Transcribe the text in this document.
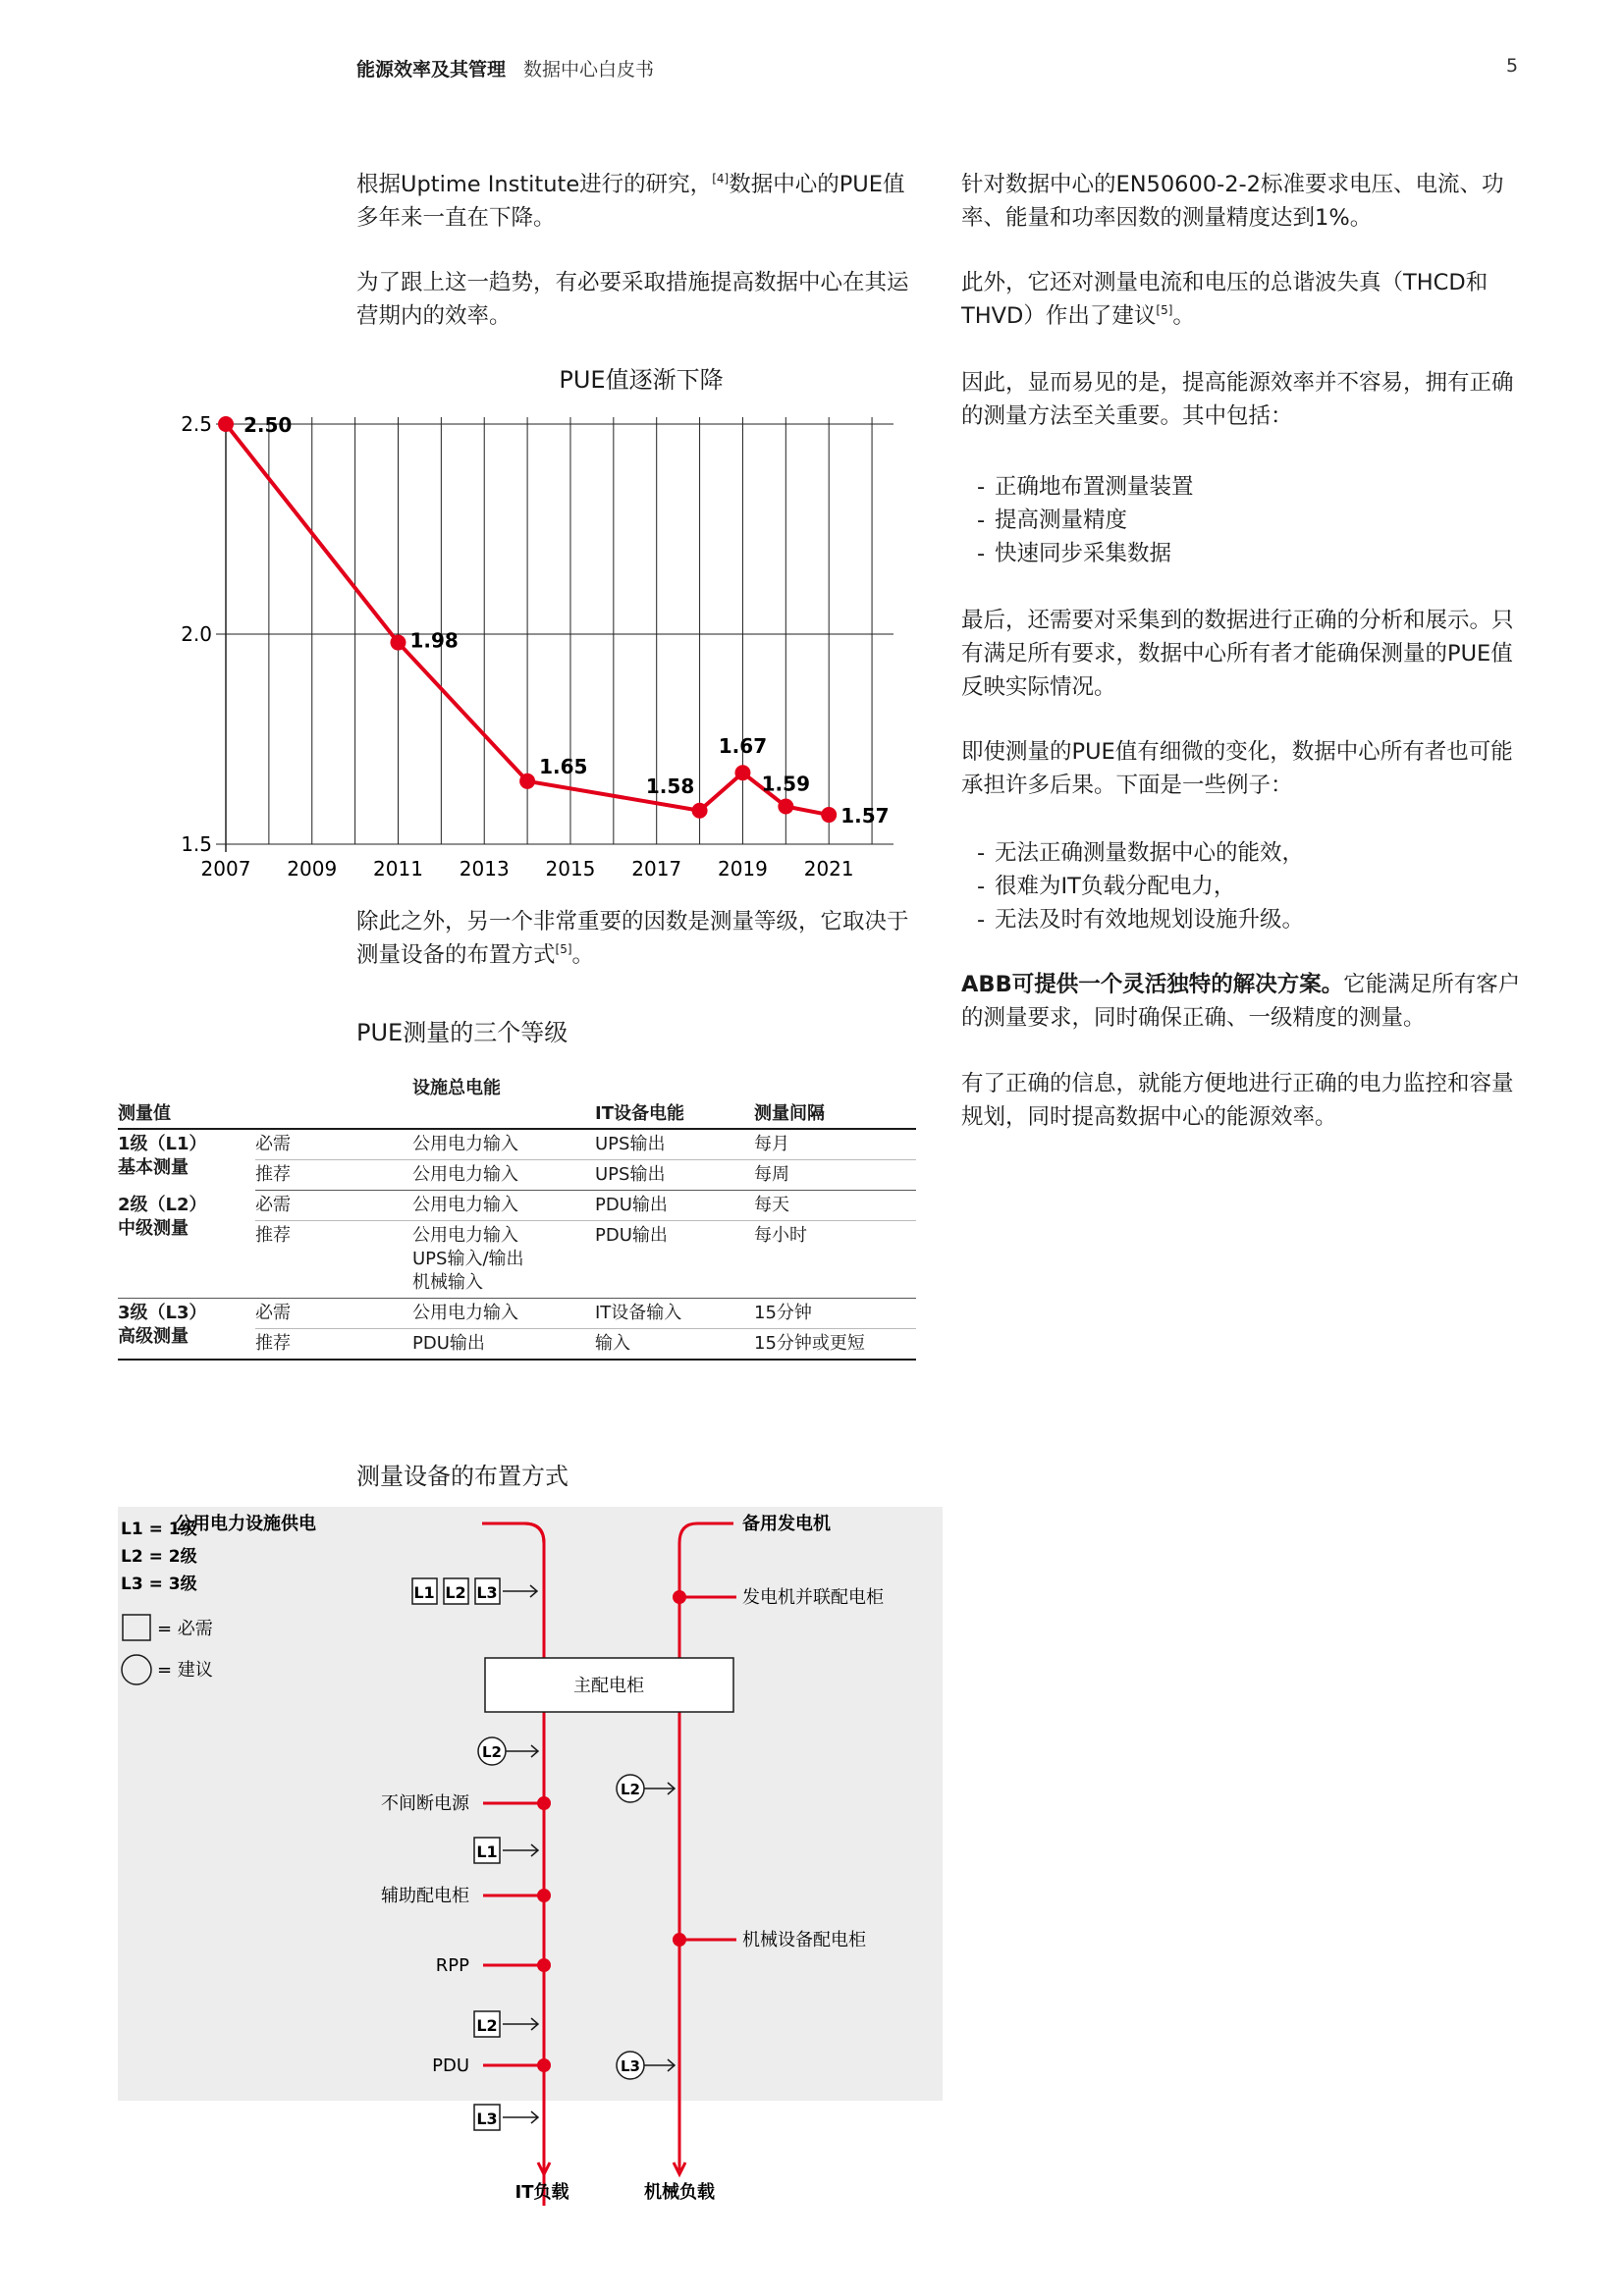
能源效率及其管理 数据中心白皮书	5

根据Uptime Institute进行的研究，[4]数据中心的PUE值多年来一直在下降。

为了跟上这一趋势，有必要采取措施提高数据中心在其运营期内的效率。

PUE值逐渐下降
1.5
2.0
2.5
2007 2009 2011 2013 2015 2017 2019 2021
2.50
1.98
1.65
1.58
1.67
1.59
1.57

除此之外，另一个非常重要的因数是测量等级，它取决于测量设备的布置方式[5]。

PUE测量的三个等级
测量值		设施总电能	IT设备电能	测量间隔
1级（L1）
基本测量	必需	公用电力输入	UPS输出	每月
	推荐	公用电力输入	UPS输出	每周
2级（L2）
中级测量	必需	公用电力输入	PDU输出	每天
	推荐	公用电力输入
UPS输入/输出
机械输入	PDU输出	每小时
3级（L3）
高级测量	必需	公用电力输入	IT设备输入	15分钟
	推荐	PDU输出	输入	15分钟或更短
测量设备的布置方式
L1 = 1级
L2 = 2级
L3 = 3级
= 必需
= 建议
公用电力设施供电	备用发电机
主配电柜
L1 L2 L3	发电机并联配电柜
L2
不间断电源
L1
辅助配电柜
RPP
L2
PDU
L3
IT负载
L2
机械设备配电柜
L3
机械负载

针对数据中心的EN50600-2-2标准要求电压、电流、功率、能量和功率因数的测量精度达到1%。

此外，它还对测量电流和电压的总谐波失真（THCD和THVD）作出了建议[5]。

因此，显而易见的是，提高能源效率并不容易，拥有正确的测量方法至关重要。其中包括：

- 正确地布置测量装置
- 提高测量精度
- 快速同步采集数据

最后，还需要对采集到的数据进行正确的分析和展示。只有满足所有要求，数据中心所有者才能确保测量的PUE值反映实际情况。

即使测量的PUE值有细微的变化，数据中心所有者也可能承担许多后果。下面是一些例子：

- 无法正确测量数据中心的能效，
- 很难为IT负载分配电力，
- 无法及时有效地规划设施升级。

ABB可提供一个灵活独特的解决方案。它能满足所有客户的测量要求，同时确保正确、一级精度的测量。

有了正确的信息，就能方便地进行正确的电力监控和容量规划，同时提高数据中心的能源效率。
